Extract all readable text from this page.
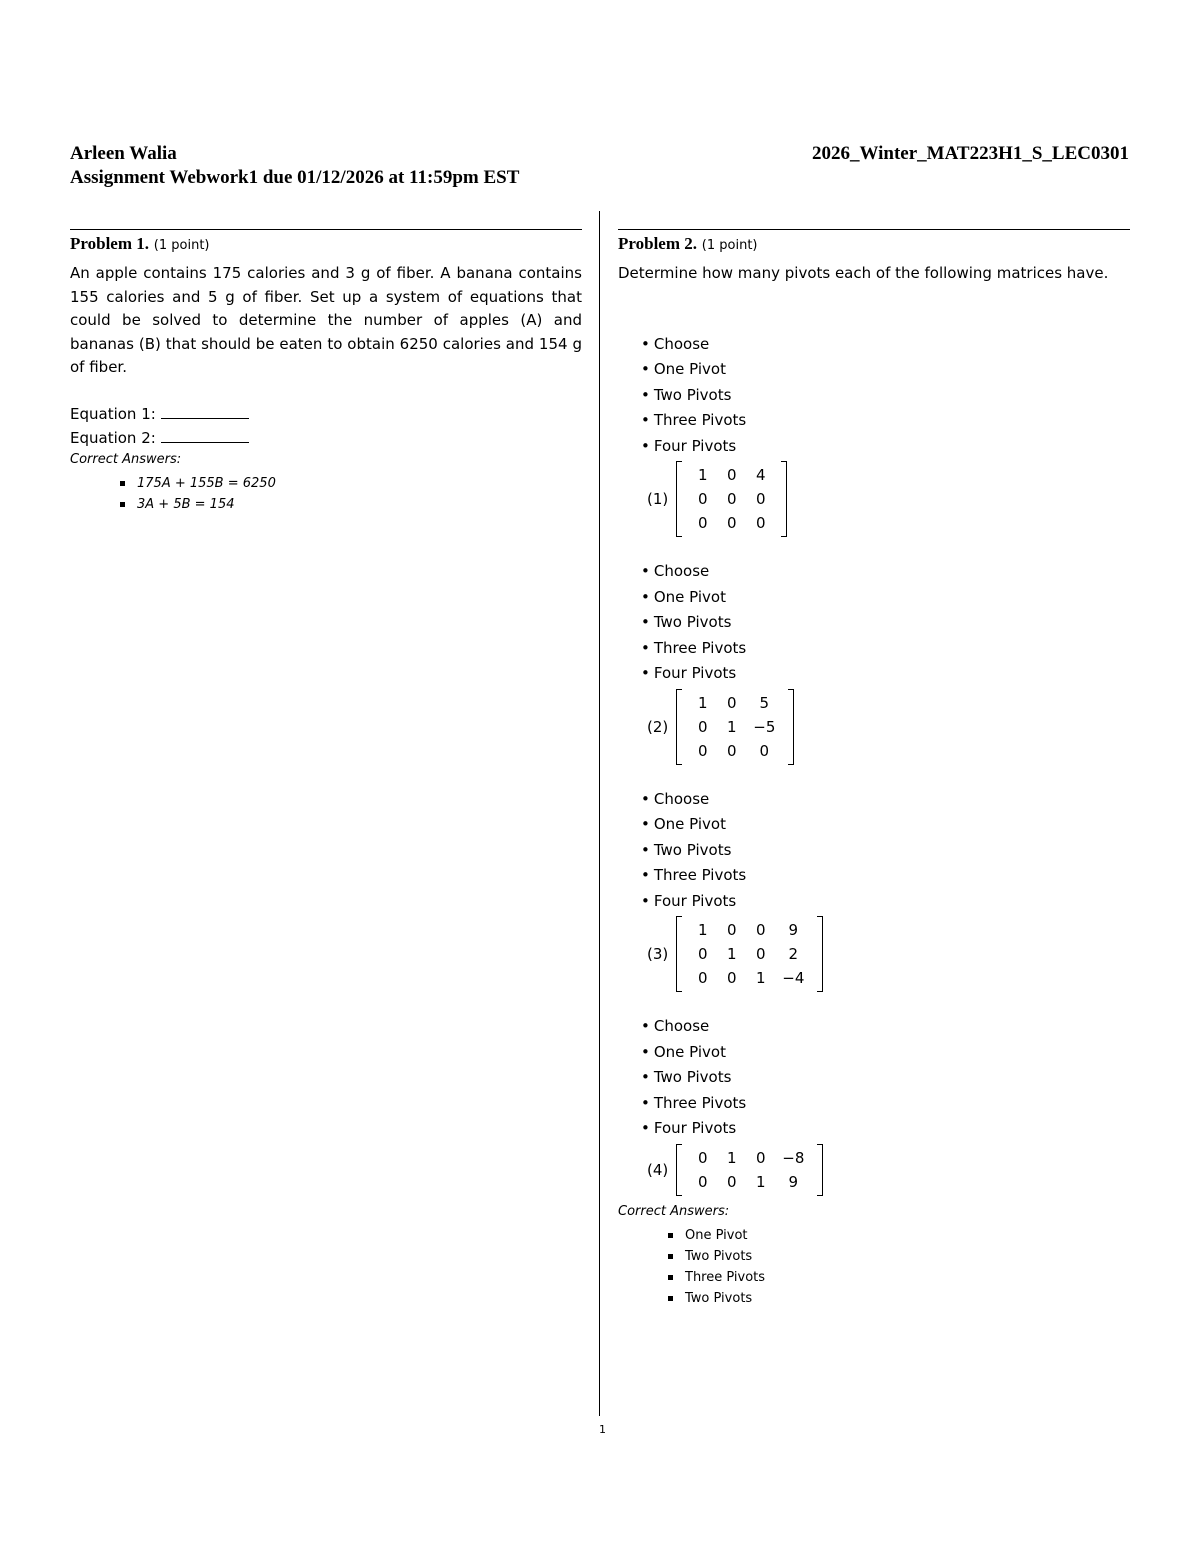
Arleen Walia
Assignment Webwork1 due 01/12/2026 at 11:59pm EST
2026_Winter_MAT223H1_S_LEC0301
Problem 1. (1 point)
An apple contains 175 calories and 3 g of fiber. A banana contains 155 calories and 5 g of fiber. Set up a system of equations that could be solved to determine the number of apples (A) and bananas (B) that should be eaten to obtain 6250 calories and 154 g of fiber.
Equation 1:
Equation 2:
Correct Answers:
175A + 155B = 6250
3A + 5B = 154
Problem 2. (1 point)
Determine how many pivots each of the following matrices have.
• Choose
• One Pivot
• Two Pivots
• Three Pivots
• Four Pivots
(1)
1	0	4
0	0	0
0	0	0
• Choose
• One Pivot
• Two Pivots
• Three Pivots
• Four Pivots
(2)
1	0	5
0	1	−5
0	0	0
• Choose
• One Pivot
• Two Pivots
• Three Pivots
• Four Pivots
(3)
1	0	0	9
0	1	0	2
0	0	1	−4
• Choose
• One Pivot
• Two Pivots
• Three Pivots
• Four Pivots
(4)
0	1	0	−8
0	0	1	9
Correct Answers:
One Pivot
Two Pivots
Three Pivots
Two Pivots
1
